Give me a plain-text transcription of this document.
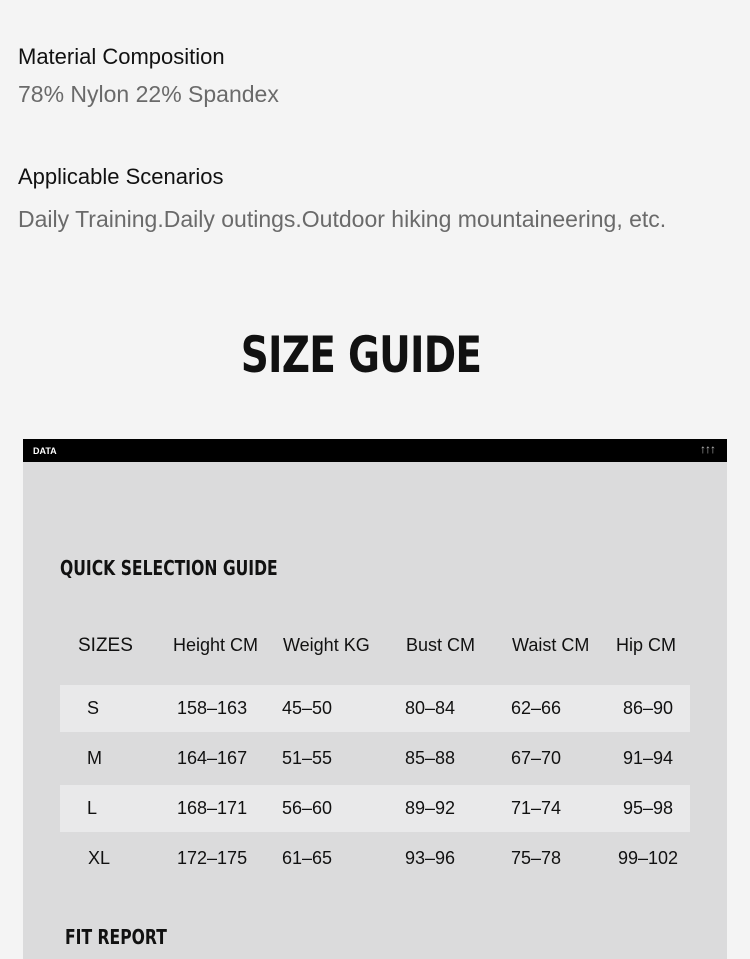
Material Composition
78% Nylon 22% Spandex
Applicable Scenarios
Daily Training.Daily outings.Outdoor hiking mountaineering, etc.
SIZE GUIDE
DATA	↑↑↑
QUICK SELECTION GUIDE
SIZES Height CM Weight KG Bust CM Waist CM Hip CM
S	158–163 45–50	80–84	62–66	86–90
M	164–167 51–55	85–88	67–70	91–94
L	168–171 56–60	89–92	71–74	95–98
XL	172–175 61–65	93–96	75–78	99–102
FIT REPORT
